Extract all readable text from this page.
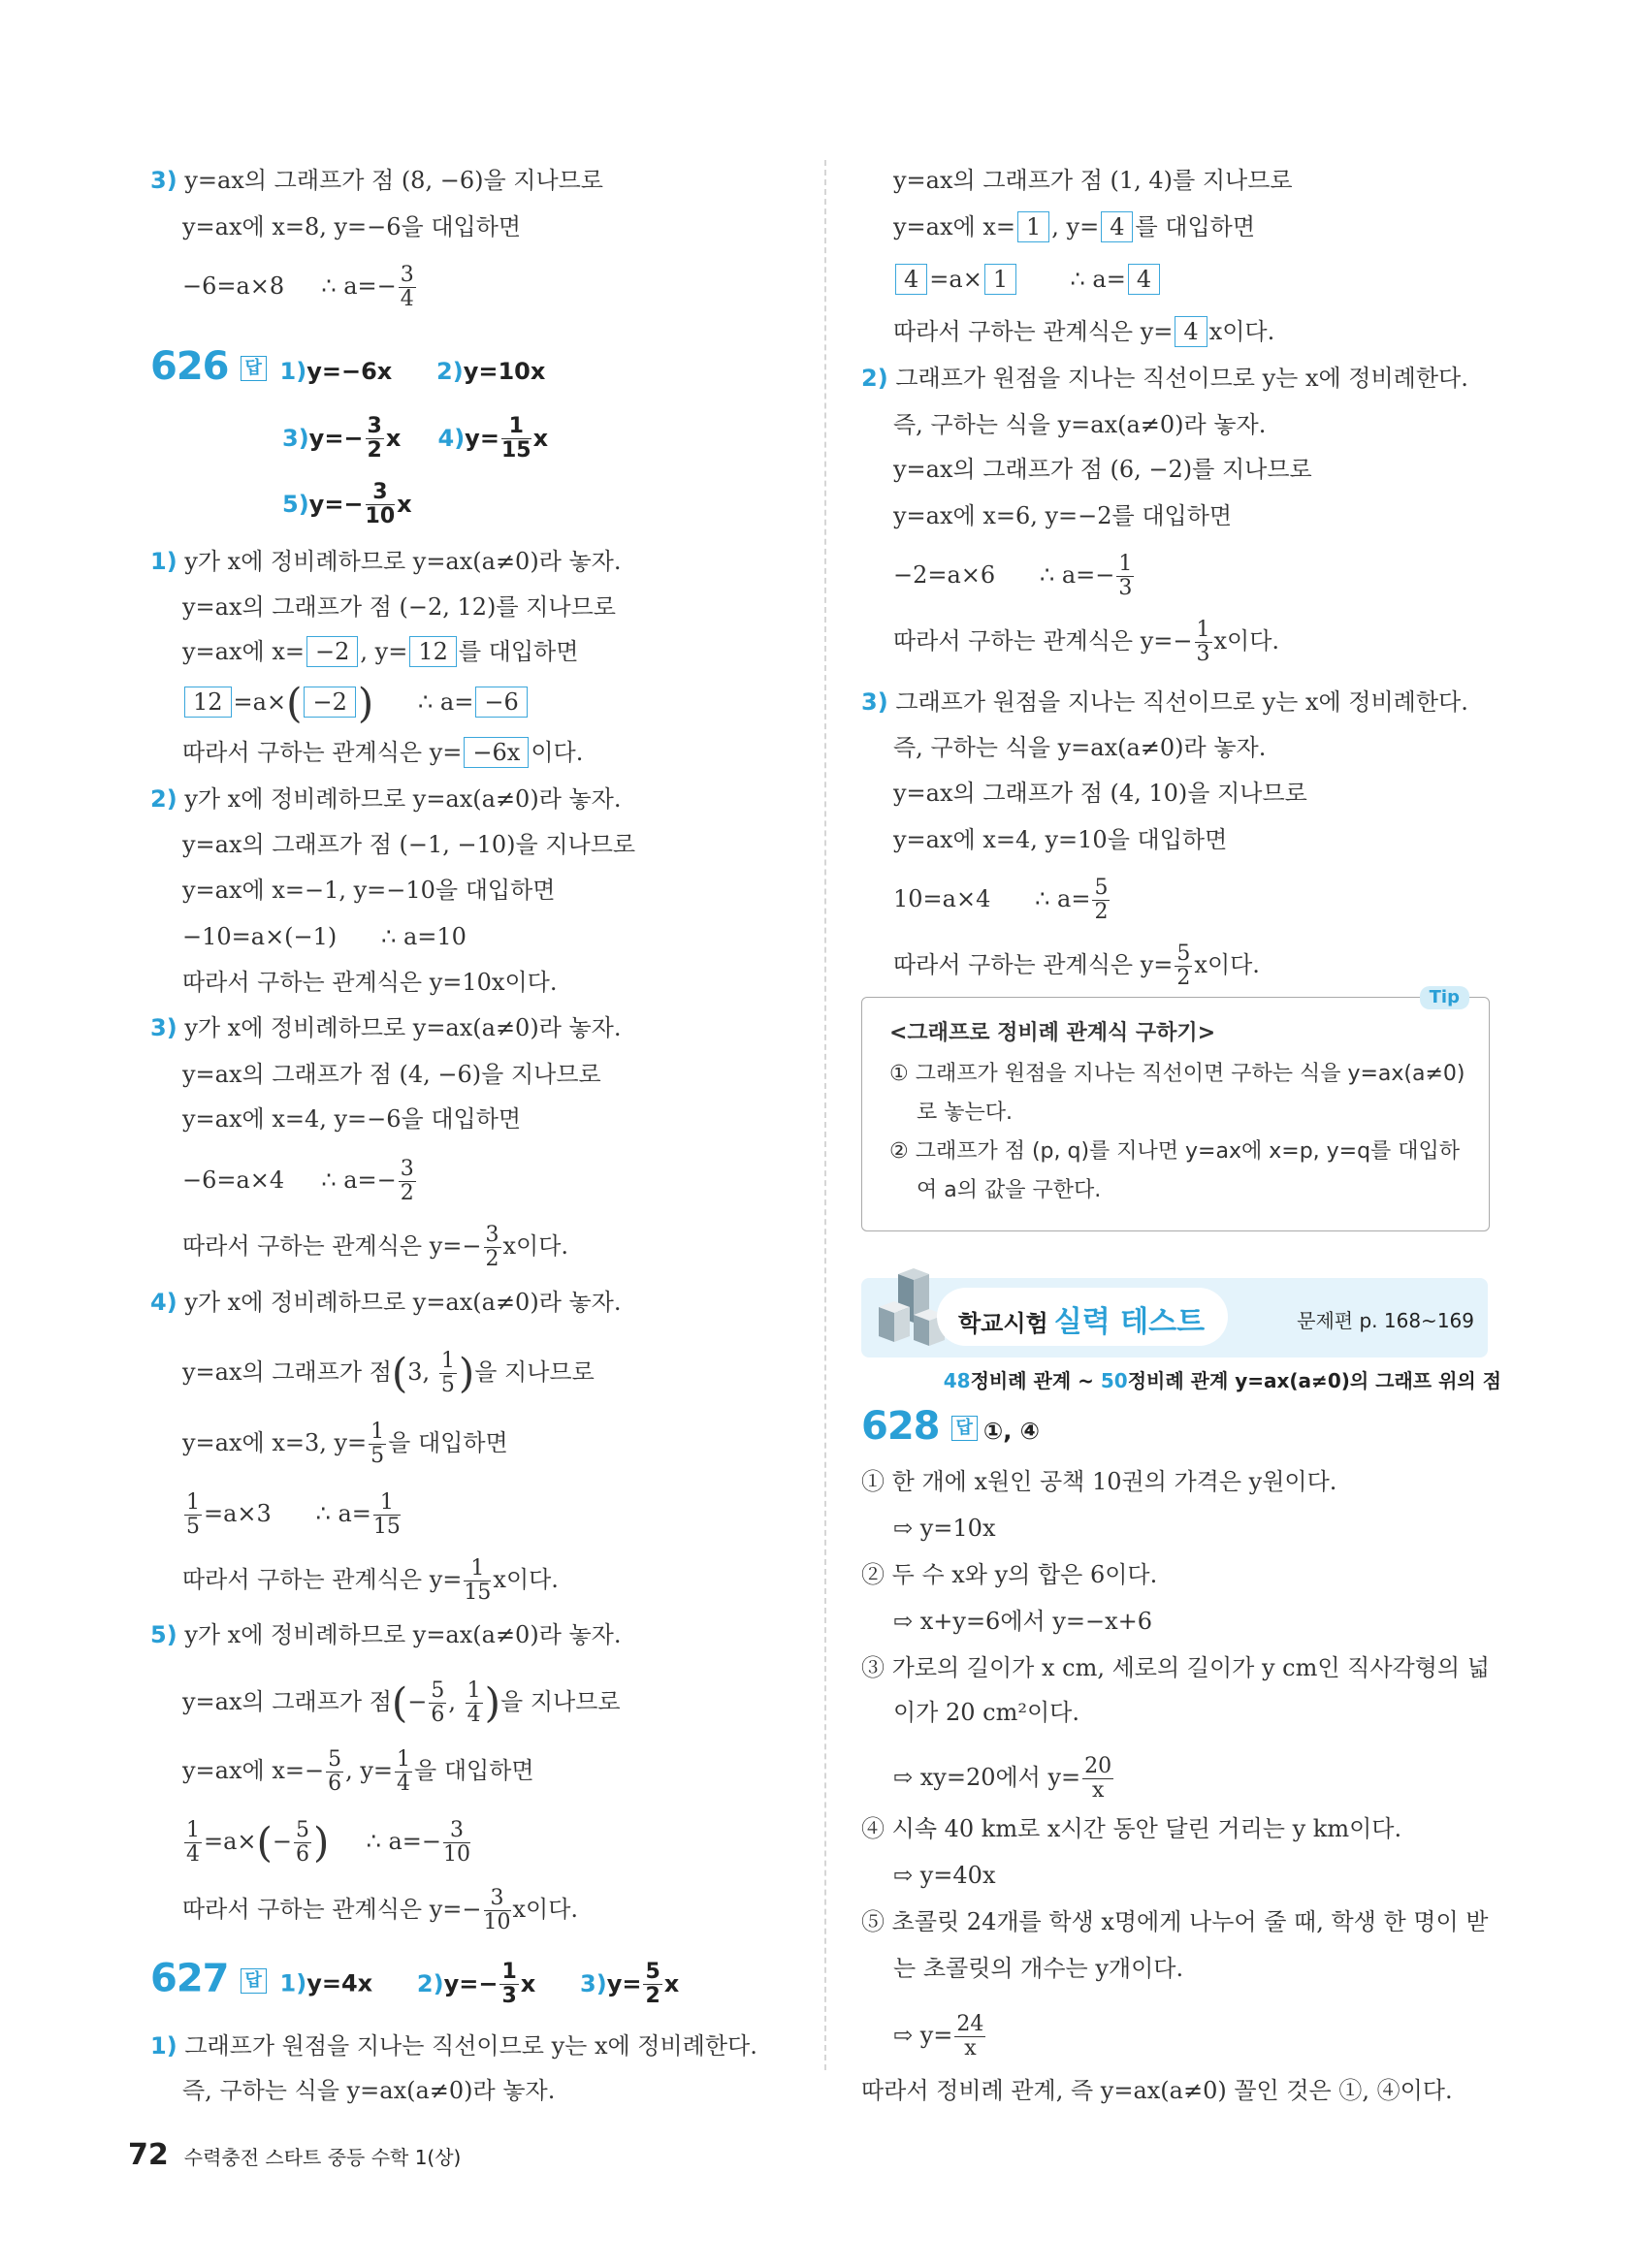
3) y=ax의 그래프가 점 (8, −6)을 지나므로
y=ax에 x=8, y=−6을 대입하면
−6=a×8 ∴ $a=- \frac{3}{4}$
626 답 1)y=−6x 2)y=10x
$3)y=- \frac{3}{2}$ x $4)y= \frac{1}{15}$ x
$5)y=- \frac{3}{10}$ x
1) y가 x에 정비례하므로 y=ax(a≠0)라 놓자.
y=ax의 그래프가 점 (−2, 12)를 지나므로
y=ax에 x= −2 , y= 12 를 대입하면
12 =a×( −2 ) ∴ a= −6
따라서 구하는 관계식은 y= −6x 이다.
2) y가 x에 정비례하므로 y=ax(a≠0)라 놓자.
y=ax의 그래프가 점 (−1, −10)을 지나므로
y=ax에 x=−1, y=−10을 대입하면
−10=a×(−1) ∴ a=10
따라서 구하는 관계식은 y=10x이다.
3) y가 x에 정비례하므로 y=ax(a≠0)라 놓자.
y=ax의 그래프가 점 (4, −6)을 지나므로
y=ax에 x=4, y=−6을 대입하면
−6=a×4 ∴ $a=- \frac{3}{2}$
따라서 구하는 관계식은 $y=- \frac{3}{2}$ x이다.
4) y가 x에 정비례하므로 y=ax(a≠0)라 놓자.
y=ax의 그래프가 점(3, $\frac{1}{5}$ )을 지나므로
y=ax에 x=3, $y= \frac{1}{5}$ 을 대입하면
$\frac{1}{5} =a\times 3$ ∴ $a= \frac{1}{15}$
따라서 구하는 관계식은 $y= \frac{1}{15}$ x이다.
5) y가 x에 정비례하므로 y=ax(a≠0)라 놓자.
y=ax의 그래프가 점(− $\frac{5}{6}$ , $\frac{1}{4}$ )을 지나므로
y=ax에 $x=- \frac{5}{6}$ , $y= \frac{1}{4}$ 을 대입하면
$\frac{1}{4} =a\times(- \frac{5}{6}$ ) ∴ $a=- \frac{3}{10}$
따라서 구하는 관계식은 $y=- \frac{3}{10}$ x이다.
627 답 1)y=4x $2)y=- \frac{1}{3}$ x $3)y= \frac{5}{2}$ x
1) 그래프가 원점을 지나는 직선이므로 y는 x에 정비례한다.
즉, 구하는 식을 y=ax(a≠0)라 놓자.
y=ax의 그래프가 점 (1, 4)를 지나므로
y=ax에 x= 1 , y= 4 를 대입하면
4 =a× 1	∴ a= 4
따라서 구하는 관계식은 y= 4 x이다.
2) 그래프가 원점을 지나는 직선이므로 y는 x에 정비례한다.
즉, 구하는 식을 y=ax(a≠0)라 놓자.
y=ax의 그래프가 점 (6, −2)를 지나므로
y=ax에 x=6, y=−2를 대입하면
−2=a×6 ∴ $a=- \frac{1}{3}$
따라서 구하는 관계식은 $y=- \frac{1}{3}$ x이다.
3) 그래프가 원점을 지나는 직선이므로 y는 x에 정비례한다.
즉, 구하는 식을 y=ax(a≠0)라 놓자.
y=ax의 그래프가 점 (4, 10)을 지나므로
y=ax에 x=4, y=10을 대입하면
10=a×4 ∴ $a= \frac{5}{2}$
따라서 구하는 관계식은 $y= \frac{5}{2}$ x이다.
Tip
<그래프로 정비례 관계식 구하기>
① 그래프가 원점을 지나는 직선이면 구하는 식을 y=ax(a≠0)
로 놓는다.
② 그래프가 점 (p, q)를 지나면 y=ax에 x=p, y=q를 대입하
여 a의 값을 구한다.
학교시험 실력 테스트	문제편 p. 168~169
48정비례 관계 ~ 50정비례 관계 y=ax(a≠0)의 그래프 위의 점
628 답 ①, ④
① 한 개에 x원인 공책 10권의 가격은 y원이다.
⇨ y=10x
② 두 수 x와 y의 합은 6이다.
⇨ x+y=6에서 y=−x+6
③ 가로의 길이가 x cm, 세로의 길이가 y cm인 직사각형의 넓
이가 20 cm²이다.
⇨ xy=20에서 $y= \frac{20}{x}$
④ 시속 40 km로 x시간 동안 달린 거리는 y km이다.
⇨ y=40x
⑤ 초콜릿 24개를 학생 x명에게 나누어 줄 때, 학생 한 명이 받
는 초콜릿의 개수는 y개이다.
⇨ $y= \frac{24}{x}$
따라서 정비례 관계, 즉 y=ax(a≠0) 꼴인 것은 ①, ④이다.
72 수력충전 스타트 중등 수학 1(상)
